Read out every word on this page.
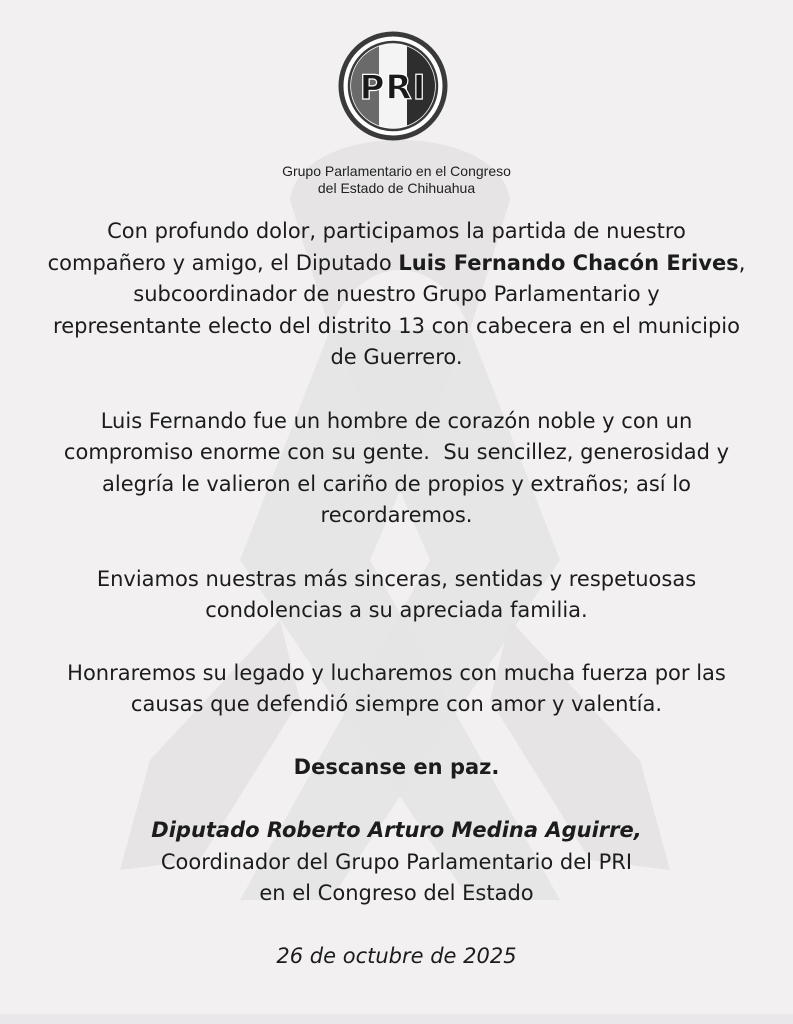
PRI
Grupo Parlamentario en el Congreso
del Estado de Chihuahua

Con profundo dolor, participamos la partida de nuestro
compañero y amigo, el Diputado Luis Fernando Chacón Erives,
subcoordinador de nuestro Grupo Parlamentario y
representante electo del distrito 13 con cabecera en el municipio
de Guerrero.

Luis Fernando fue un hombre de corazón noble y con un
compromiso enorme con su gente.  Su sencillez, generosidad y
alegría le valieron el cariño de propios y extraños; así lo
recordaremos.

Enviamos nuestras más sinceras, sentidas y respetuosas
condolencias a su apreciada familia.

Honraremos su legado y lucharemos con mucha fuerza por las
causas que defendió siempre con amor y valentía.

Descanse en paz.
Diputado Roberto Arturo Medina Aguirre,
Coordinador del Grupo Parlamentario del PRI
en el Congreso del Estado
26 de octubre de 2025
